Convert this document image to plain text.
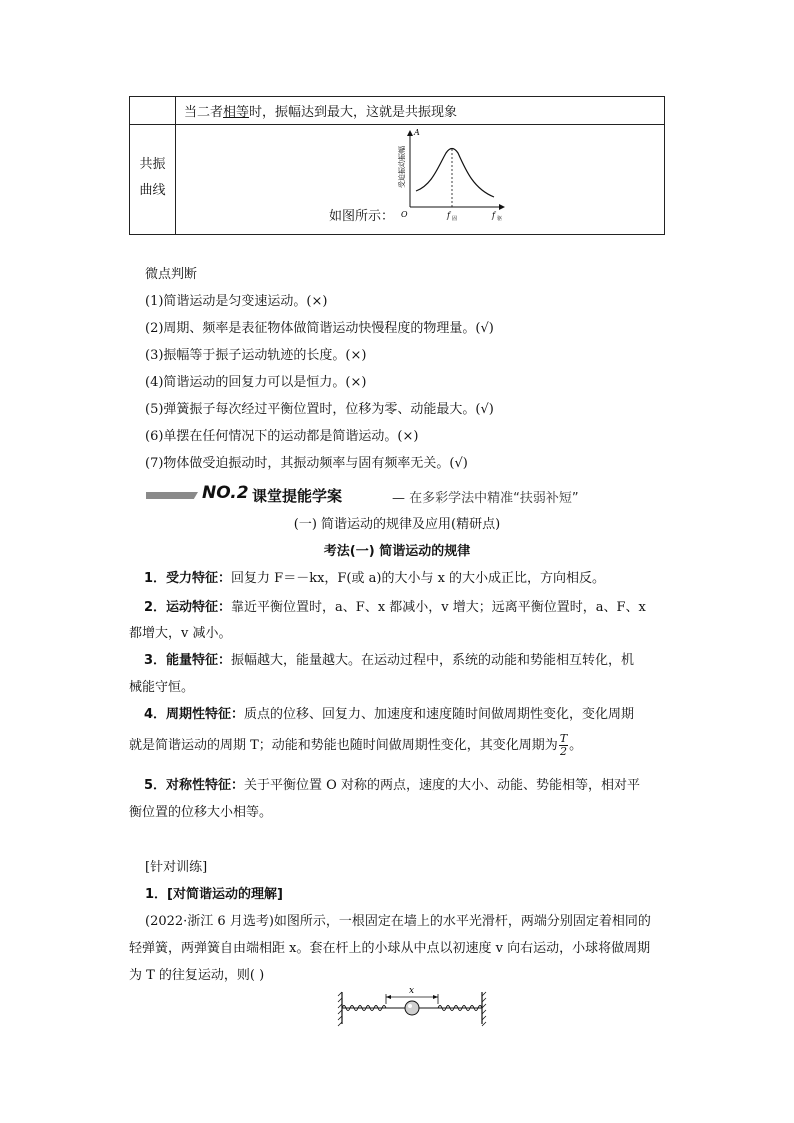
当二者相等时，振幅达到最大，这就是共振现象
共振
曲线
如图所示：
A
O
受迫振动振幅
f 固	f 驱
微点判断
(1)简谐运动是匀变速运动。(×)
(2)周期、频率是表征物体做简谐运动快慢程度的物理量。(√)
(3)振幅等于振子运动轨迹的长度。(×)
(4)简谐运动的回复力可以是恒力。(×)
(5)弹簧振子每次经过平衡位置时，位移为零、动能最大。(√)
(6)单摆在任何情况下的运动都是简谐运动。(×)
(7)物体做受迫振动时，其振动频率与固有频率无关。(√)
NO.2 课堂提能学案	— 在多彩学法中精准“扶弱补短”
(一) 简谐运动的规律及应用(精研点)
考法(一) 简谐运动的规律
1．受力特征：回复力 F＝－kx，F(或 a)的大小与 x 的大小成正比，方向相反。
2．运动特征：靠近平衡位置时，a、F、x 都减小，v 增大；远离平衡位置时，a、F、x
都增大，v 减小。
3．能量特征：振幅越大，能量越大。在运动过程中，系统的动能和势能相互转化，机
械能守恒。
4．周期性特征：质点的位移、回复力、加速度和速度随时间做周期性变化，变化周期
就是简谐运动的周期 T；动能和势能也随时间做周期性变化，其变化周期为 $\frac{T}{2}$ 。
5．对称性特征：关于平衡位置 O 对称的两点，速度的大小、动能、势能相等，相对平
衡位置的位移大小相等。
[针对训练]
1．[对简谐运动的理解]
(2022·浙江 6 月选考)如图所示，一根固定在墙上的水平光滑杆，两端分别固定着相同的
轻弹簧，两弹簧自由端相距 x。套在杆上的小球从中点以初速度 v 向右运动，小球将做周期
为 T 的往复运动，则( )
x
